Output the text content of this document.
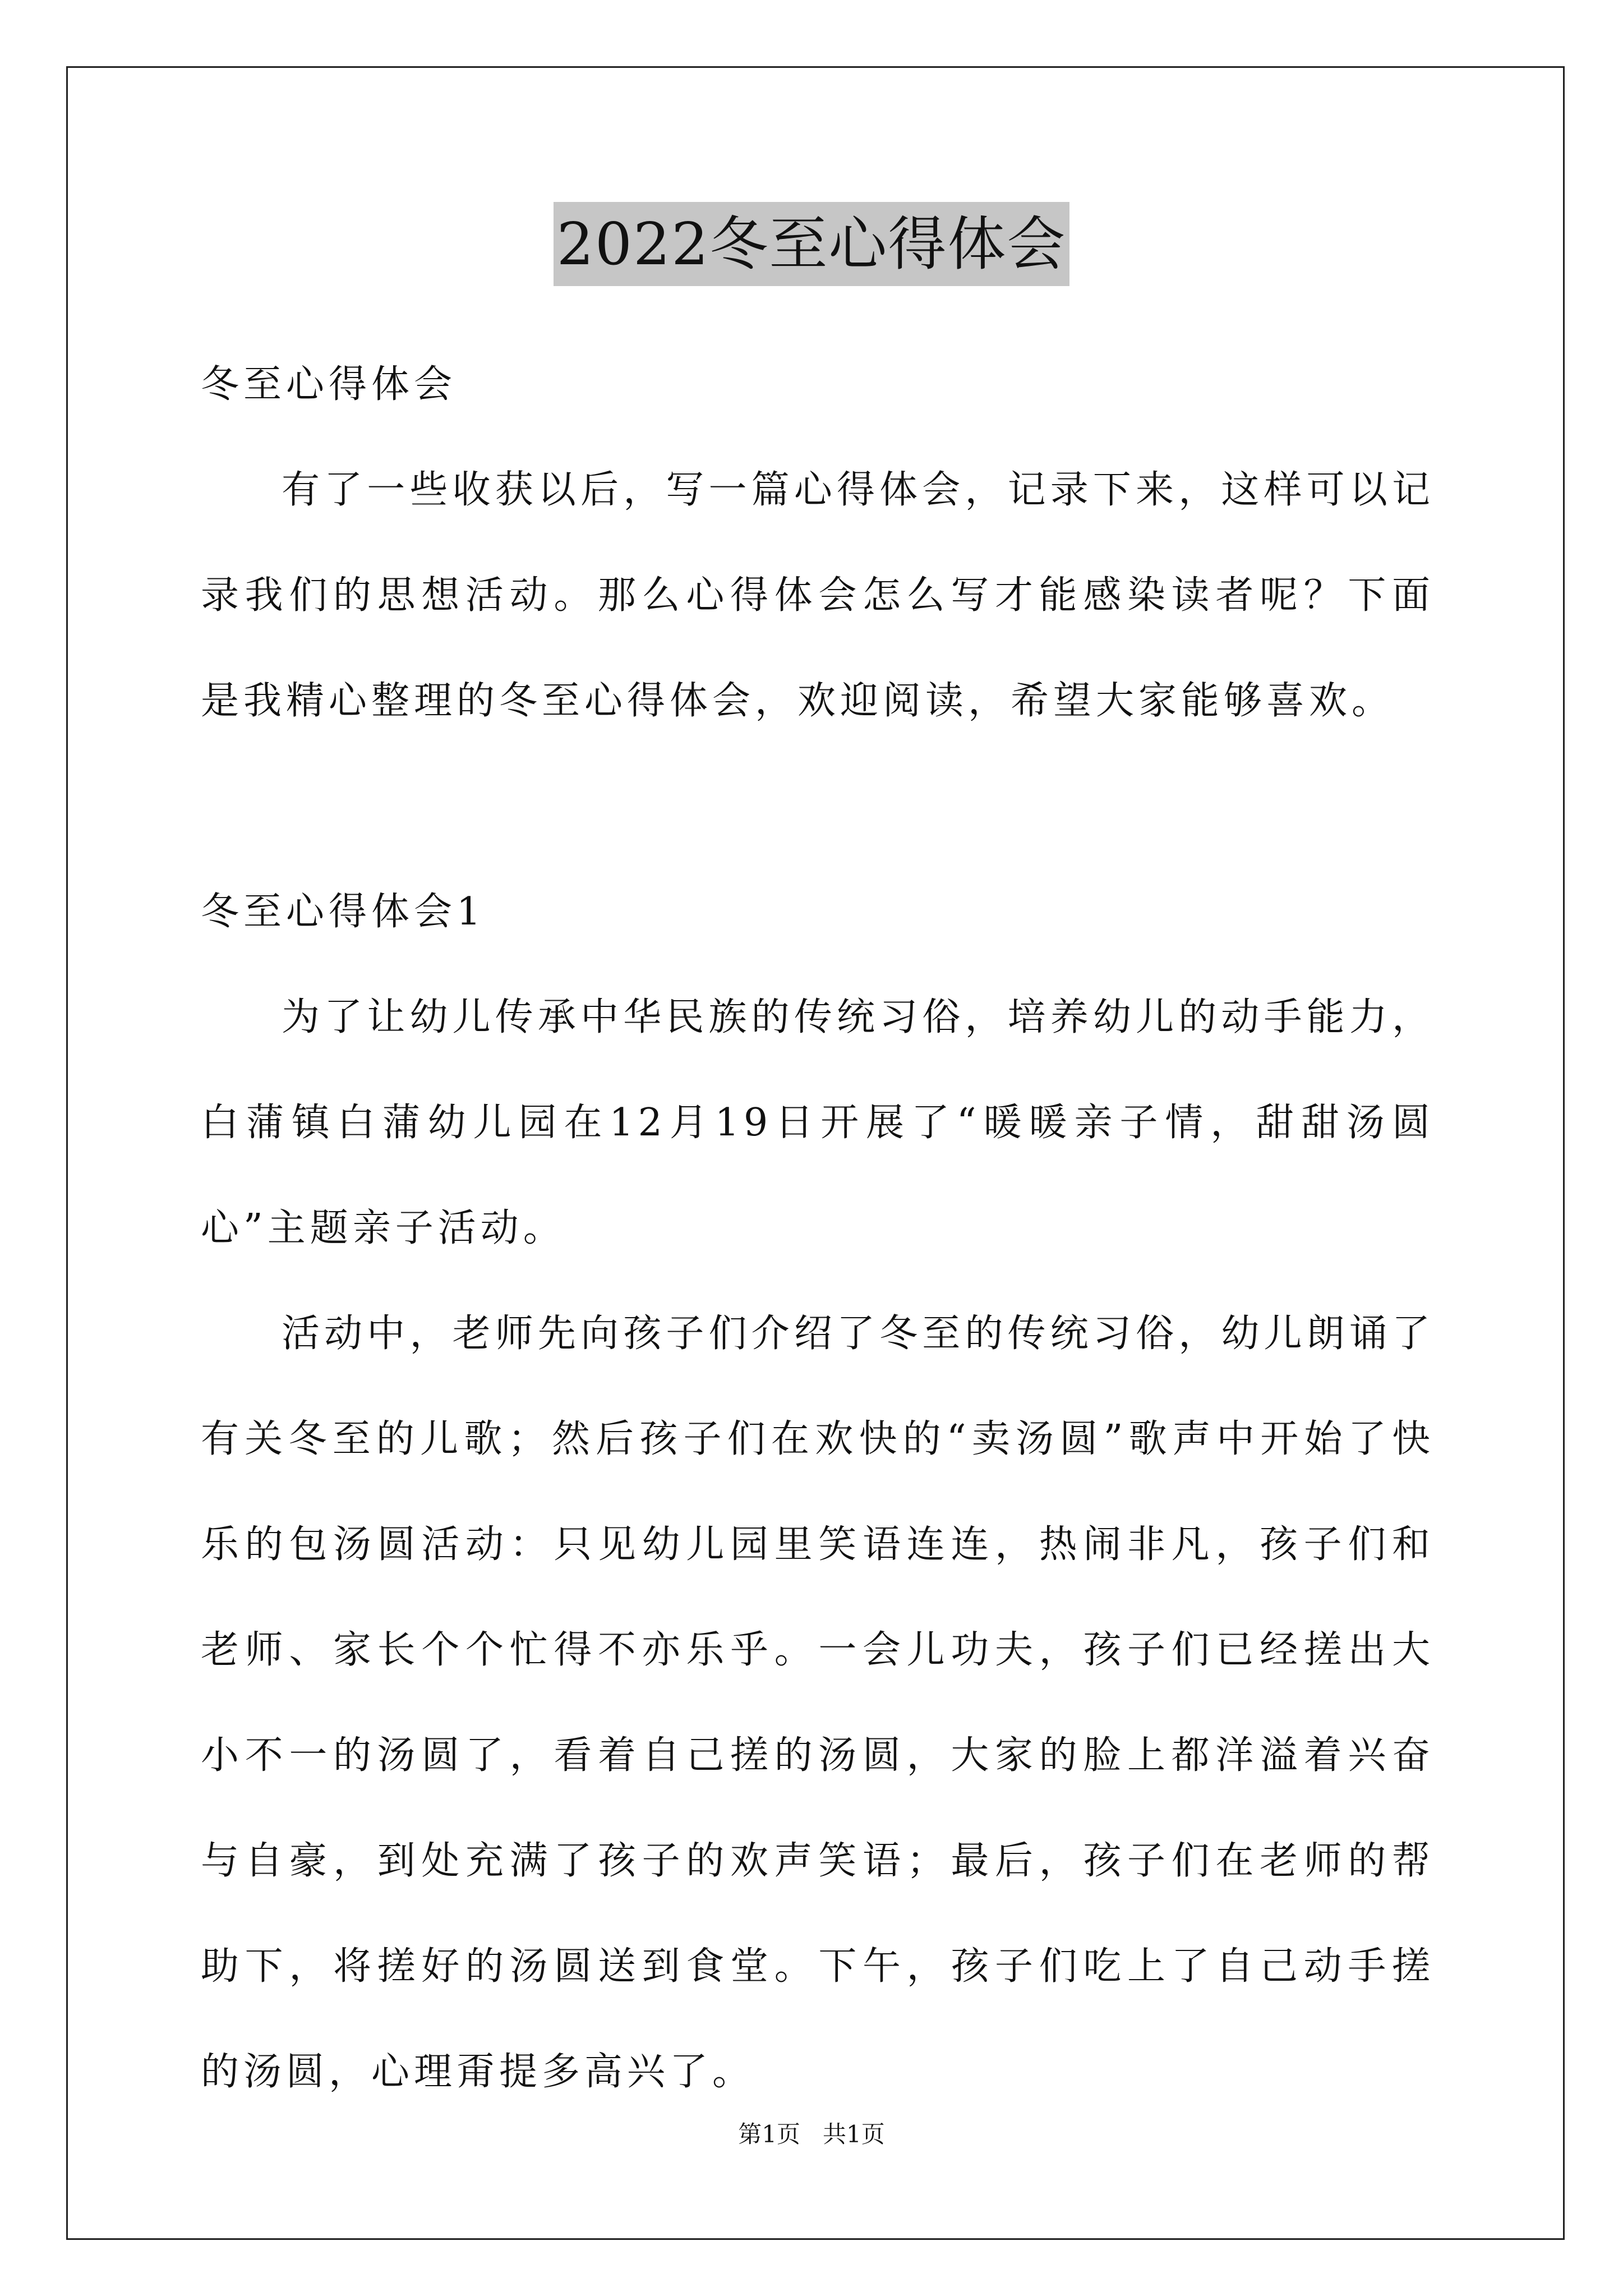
2022冬至心得体会

冬至心得体会

有了一些收获以后，写一篇心得体会，记录下来，这样可以记录我们的思想活动。那么心得体会怎么写才能感染读者呢？下面是我精心整理的冬至心得体会，欢迎阅读，希望大家能够喜欢。

冬至心得体会1

为了让幼儿传承中华民族的传统习俗，培养幼儿的动手能力，白蒲镇白蒲幼儿园在12月19日开展了“暖暖亲子情，甜甜汤圆心”主题亲子活动。

活动中，老师先向孩子们介绍了冬至的传统习俗，幼儿朗诵了有关冬至的儿歌；然后孩子们在欢快的“卖汤圆”歌声中开始了快乐的包汤圆活动：只见幼儿园里笑语连连，热闹非凡，孩子们和老师、家长个个忙得不亦乐乎。一会儿功夫，孩子们已经搓出大小不一的汤圆了，看着自己搓的汤圆，大家的脸上都洋溢着兴奋与自豪，到处充满了孩子的欢声笑语；最后，孩子们在老师的帮助下，将搓好的汤圆送到食堂。下午，孩子们吃上了自己动手搓的汤圆，心理甭提多高兴了。

第1页   共1页
